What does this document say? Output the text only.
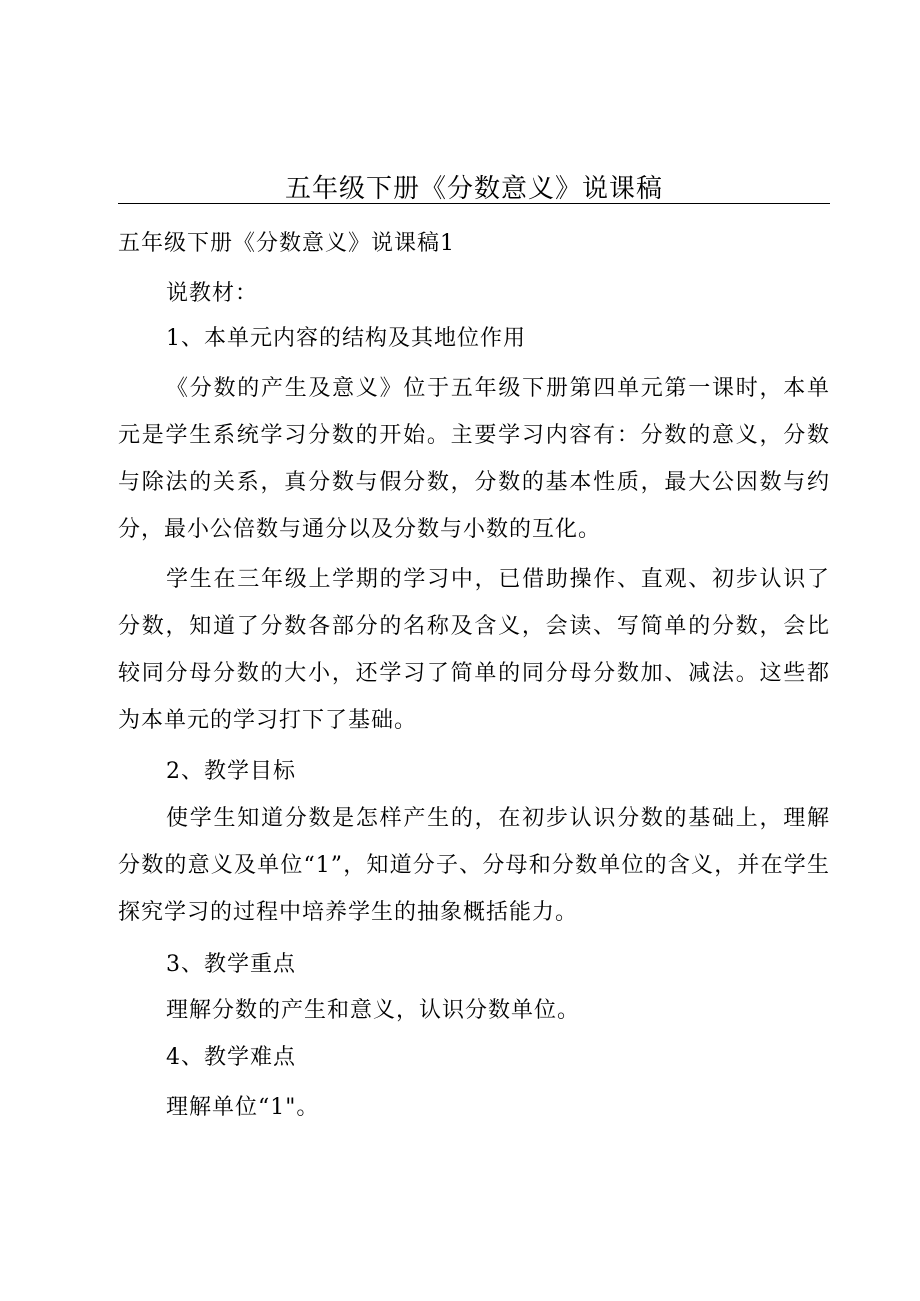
五年级下册《分数意义》说课稿
五年级下册《分数意义》说课稿1
说教材：
1、本单元内容的结构及其地位作用

《分数的产生及意义》位于五年级下册第四单元第一课时，本单元是学生系统学习分数的开始。主要学习内容有：分数的意义，分数与除法的关系，真分数与假分数，分数的基本性质，最大公因数与约分，最小公倍数与通分以及分数与小数的互化。

学生在三年级上学期的学习中，已借助操作、直观、初步认识了分数，知道了分数各部分的名称及含义，会读、写简单的分数，会比较同分母分数的大小，还学习了简单的同分母分数加、减法。这些都为本单元的学习打下了基础。

2、教学目标

使学生知道分数是怎样产生的，在初步认识分数的基础上，理解分数的意义及单位“1”，知道分子、分母和分数单位的含义，并在学生探究学习的过程中培养学生的抽象概括能力。

3、教学重点
理解分数的产生和意义，认识分数单位。
4、教学难点
理解单位“1"。
